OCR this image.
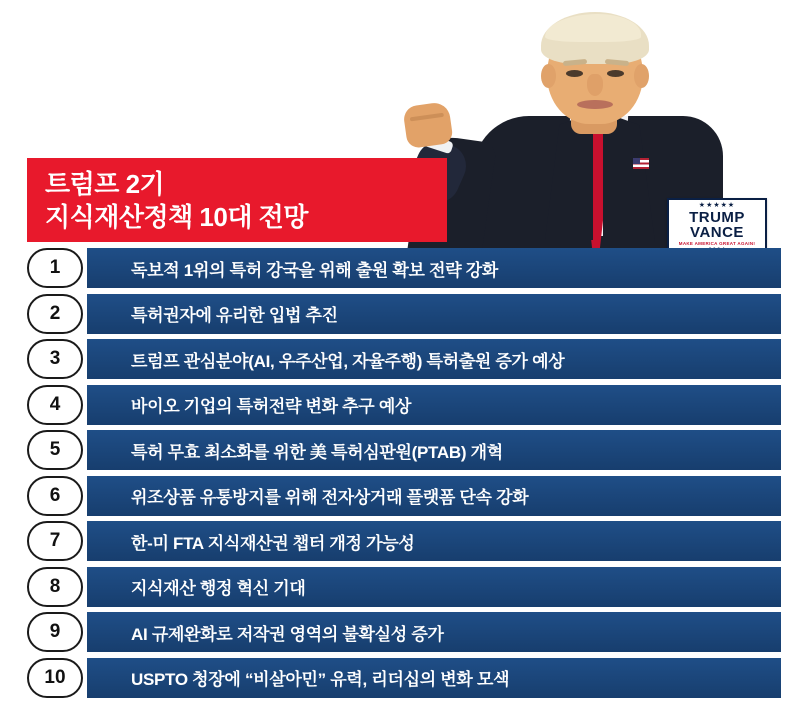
★★★★★
TRUMP
VANCE
MAKE AMERICA GREAT AGAIN!
트럼프 2기
지식재산정책 10대 전망
1	독보적 1위의 특허 강국을 위해 출원 확보 전략 강화
2	특허권자에 유리한 입법 추진
3	트럼프 관심분야(AI, 우주산업, 자율주행) 특허출원 증가 예상
4	바이오 기업의 특허전략 변화 추구 예상
5	특허 무효 최소화를 위한 美 특허심판원(PTAB) 개혁
6	위조상품 유통방지를 위해 전자상거래 플랫폼 단속 강화
7	한-미 FTA 지식재산권 챕터 개정 가능성
8	지식재산 행정 혁신 기대
9	AI 규제완화로 저작권 영역의 불확실성 증가
10	USPTO 청장에 “비살아민” 유력, 리더십의 변화 모색
